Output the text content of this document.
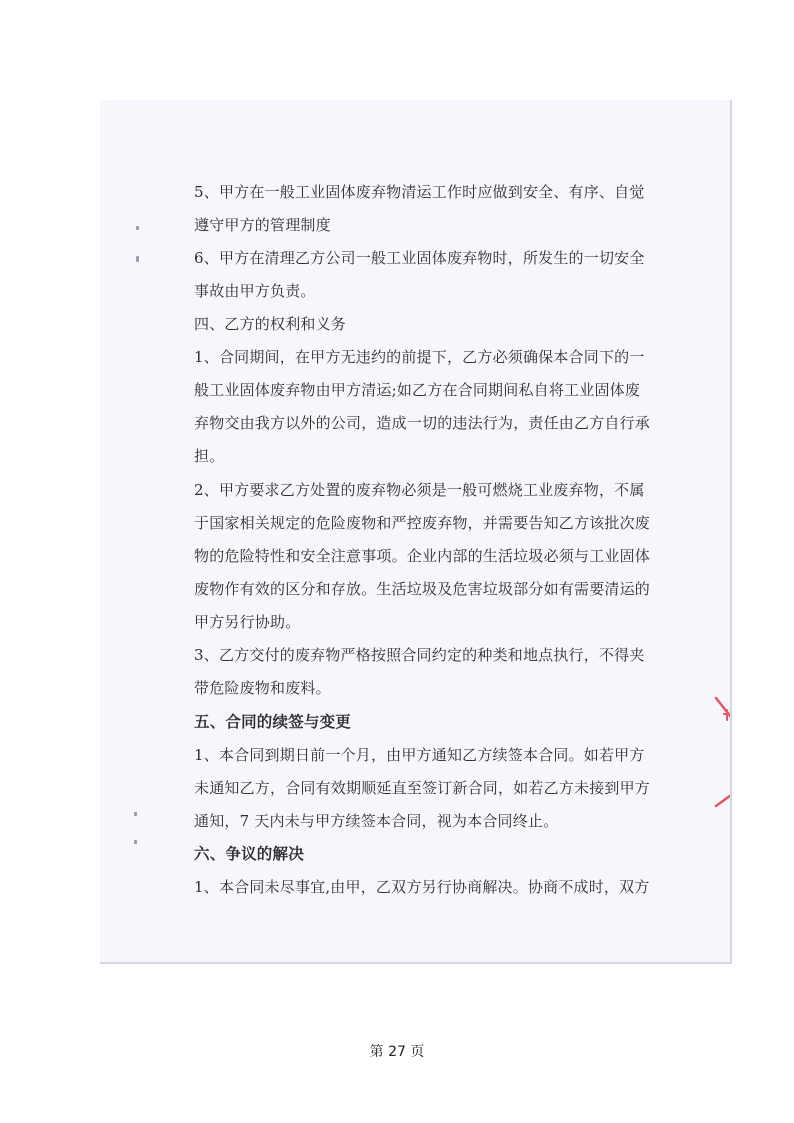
5、甲方在一般工业固体废弃物清运工作时应做到安全、有序、自觉
遵守甲方的管理制度
6、甲方在清理乙方公司一般工业固体废弃物时，所发生的一切安全
事故由甲方负责。
四、乙方的权利和义务
1、合同期间，在甲方无违约的前提下，乙方必须确保本合同下的一
般工业固体废弃物由甲方清运;如乙方在合同期间私自将工业固体废
弃物交由我方以外的公司，造成一切的违法行为，责任由乙方自行承
担。
2、甲方要求乙方处置的废弃物必须是一般可燃烧工业废弃物，不属
于国家相关规定的危险废物和严控废弃物，并需要告知乙方该批次废
物的危险特性和安全注意事项。企业内部的生活垃圾必须与工业固体
废物作有效的区分和存放。生活垃圾及危害垃圾部分如有需要清运的
甲方另行协助。
3、乙方交付的废弃物严格按照合同约定的种类和地点执行，不得夹
带危险废物和废料。
五、合同的续签与变更
1、本合同到期日前一个月，由甲方通知乙方续签本合同。如若甲方
未通知乙方，合同有效期顺延直至签订新合同，如若乙方未接到甲方
通知，7 天内未与甲方续签本合同，视为本合同终止。
六、争议的解决
1、本合同未尽事宜,由甲，乙双方另行协商解决。协商不成时，双方
第 27 页
